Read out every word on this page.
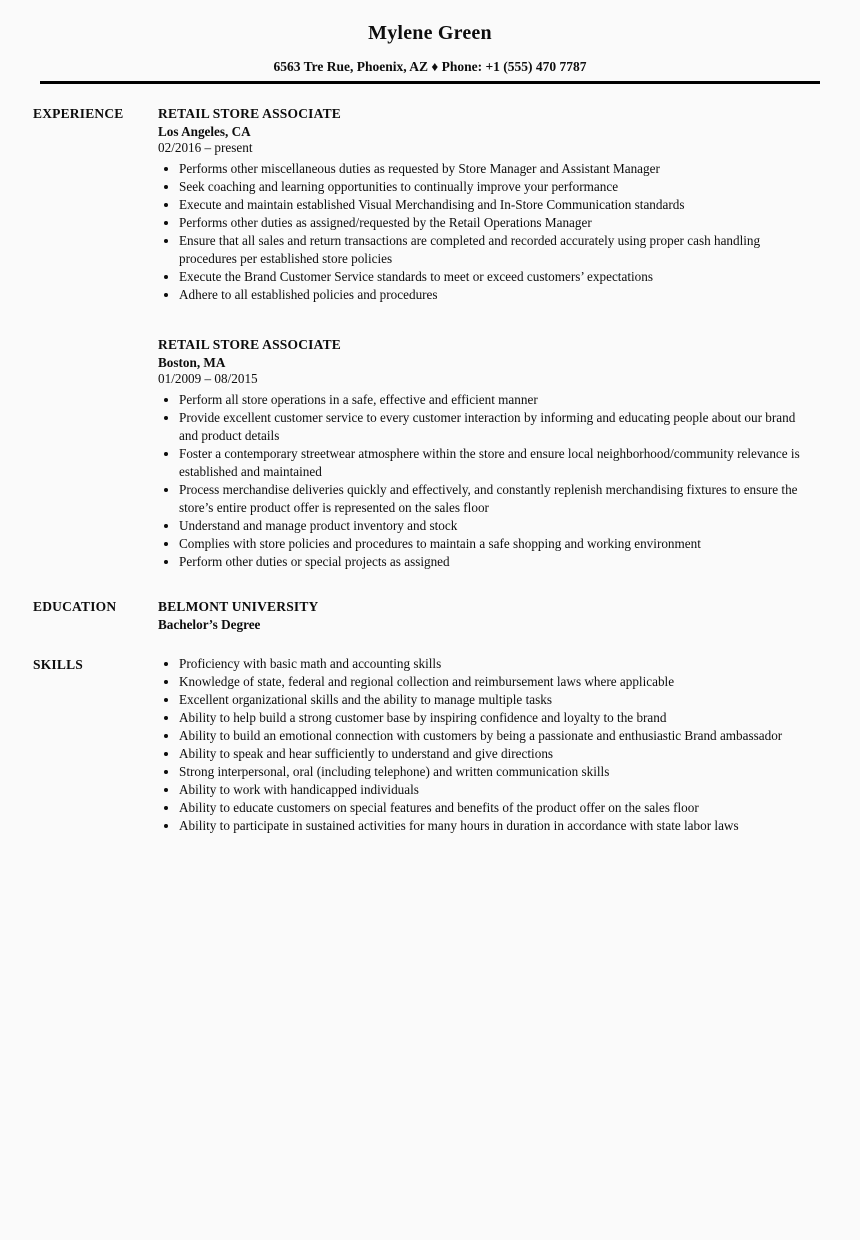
Mylene Green
6563 Tre Rue, Phoenix, AZ ♦ Phone: +1 (555) 470 7787
EXPERIENCE	RETAIL STORE ASSOCIATE
Los Angeles, CA
02/2016 – present
• Performs other miscellaneous duties as requested by Store Manager and Assistant Manager
• Seek coaching and learning opportunities to continually improve your performance
• Execute and maintain established Visual Merchandising and In-Store Communication standards
• Performs other duties as assigned/requested by the Retail Operations Manager
• Ensure that all sales and return transactions are completed and recorded accurately using proper cash handling procedures per established store policies
• Execute the Brand Customer Service standards to meet or exceed customers’ expectations
• Adhere to all established policies and procedures
RETAIL STORE ASSOCIATE
Boston, MA
01/2009 – 08/2015
• Perform all store operations in a safe, effective and efficient manner
• Provide excellent customer service to every customer interaction by informing and educating people about our brand and product details
• Foster a contemporary streetwear atmosphere within the store and ensure local neighborhood/community relevance is established and maintained
• Process merchandise deliveries quickly and effectively, and constantly replenish merchandising fixtures to ensure the store’s entire product offer is represented on the sales floor
• Understand and manage product inventory and stock
• Complies with store policies and procedures to maintain a safe shopping and working environment
• Perform other duties or special projects as assigned
EDUCATION	BELMONT UNIVERSITY
Bachelor’s Degree
SKILLS	• Proficiency with basic math and accounting skills
• Knowledge of state, federal and regional collection and reimbursement laws where applicable
• Excellent organizational skills and the ability to manage multiple tasks
• Ability to help build a strong customer base by inspiring confidence and loyalty to the brand
• Ability to build an emotional connection with customers by being a passionate and enthusiastic Brand ambassador
• Ability to speak and hear sufficiently to understand and give directions
• Strong interpersonal, oral (including telephone) and written communication skills
• Ability to work with handicapped individuals
• Ability to educate customers on special features and benefits of the product offer on the sales floor
• Ability to participate in sustained activities for many hours in duration in accordance with state labor laws
